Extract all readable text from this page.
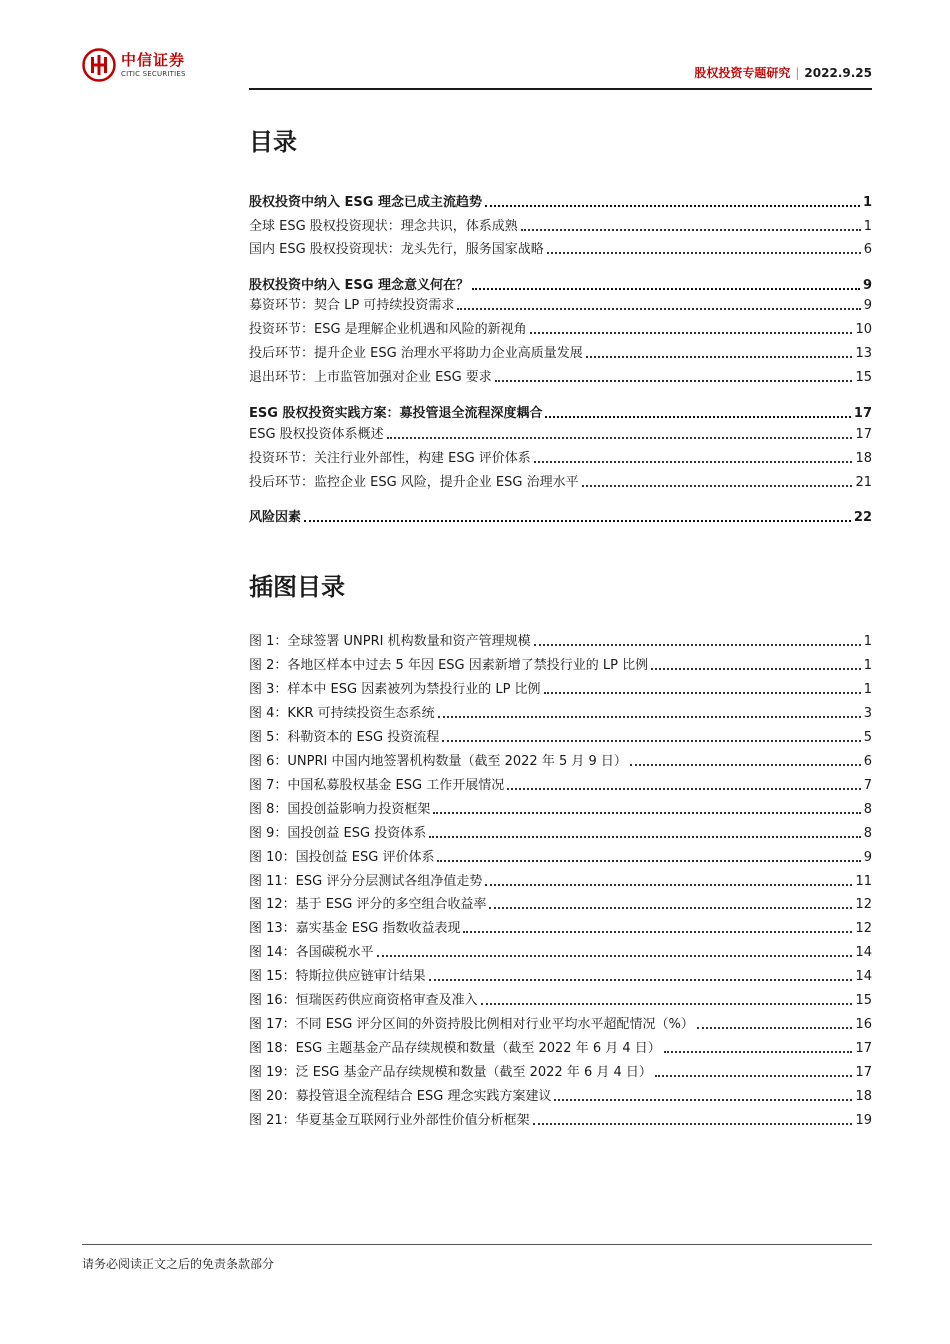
中信证券
CITIC SECURITIES	股权投资专题研究 | 2022.9.25
目录
股权投资中纳入 ESG 理念已成主流趋势	1
全球 ESG 股权投资现状：理念共识，体系成熟	1
国内 ESG 股权投资现状：龙头先行，服务国家战略	6
股权投资中纳入 ESG 理念意义何在？	9
募资环节：契合 LP 可持续投资需求	9
投资环节：ESG 是理解企业机遇和风险的新视角	10
投后环节：提升企业 ESG 治理水平将助力企业高质量发展	13
退出环节：上市监管加强对企业 ESG 要求	15
ESG 股权投资实践方案：募投管退全流程深度耦合	17
ESG 股权投资体系概述	17
投资环节：关注行业外部性，构建 ESG 评价体系	18
投后环节：监控企业 ESG 风险，提升企业 ESG 治理水平	21
风险因素	22
插图目录
图 1：全球签署 UNPRI 机构数量和资产管理规模	1
图 2：各地区样本中过去 5 年因 ESG 因素新增了禁投行业的 LP 比例	1
图 3：样本中 ESG 因素被列为禁投行业的 LP 比例	1
图 4：KKR 可持续投资生态系统	3
图 5：科勒资本的 ESG 投资流程	5
图 6：UNPRI 中国内地签署机构数量（截至 2022 年 5 月 9 日）	6
图 7：中国私募股权基金 ESG 工作开展情况	7
图 8：国投创益影响力投资框架	8
图 9：国投创益 ESG 投资体系	8
图 10：国投创益 ESG 评价体系	9
图 11：ESG 评分分层测试各组净值走势	11
图 12：基于 ESG 评分的多空组合收益率	12
图 13：嘉实基金 ESG 指数收益表现	12
图 14：各国碳税水平	14
图 15：特斯拉供应链审计结果	14
图 16：恒瑞医药供应商资格审查及准入	15
图 17：不同 ESG 评分区间的外资持股比例相对行业平均水平超配情况（%）	16
图 18：ESG 主题基金产品存续规模和数量（截至 2022 年 6 月 4 日）	17
图 19：泛 ESG 基金产品存续规模和数量（截至 2022 年 6 月 4 日）	17
图 20：募投管退全流程结合 ESG 理念实践方案建议	18
图 21：华夏基金互联网行业外部性价值分析框架	19
请务必阅读正文之后的免责条款部分
